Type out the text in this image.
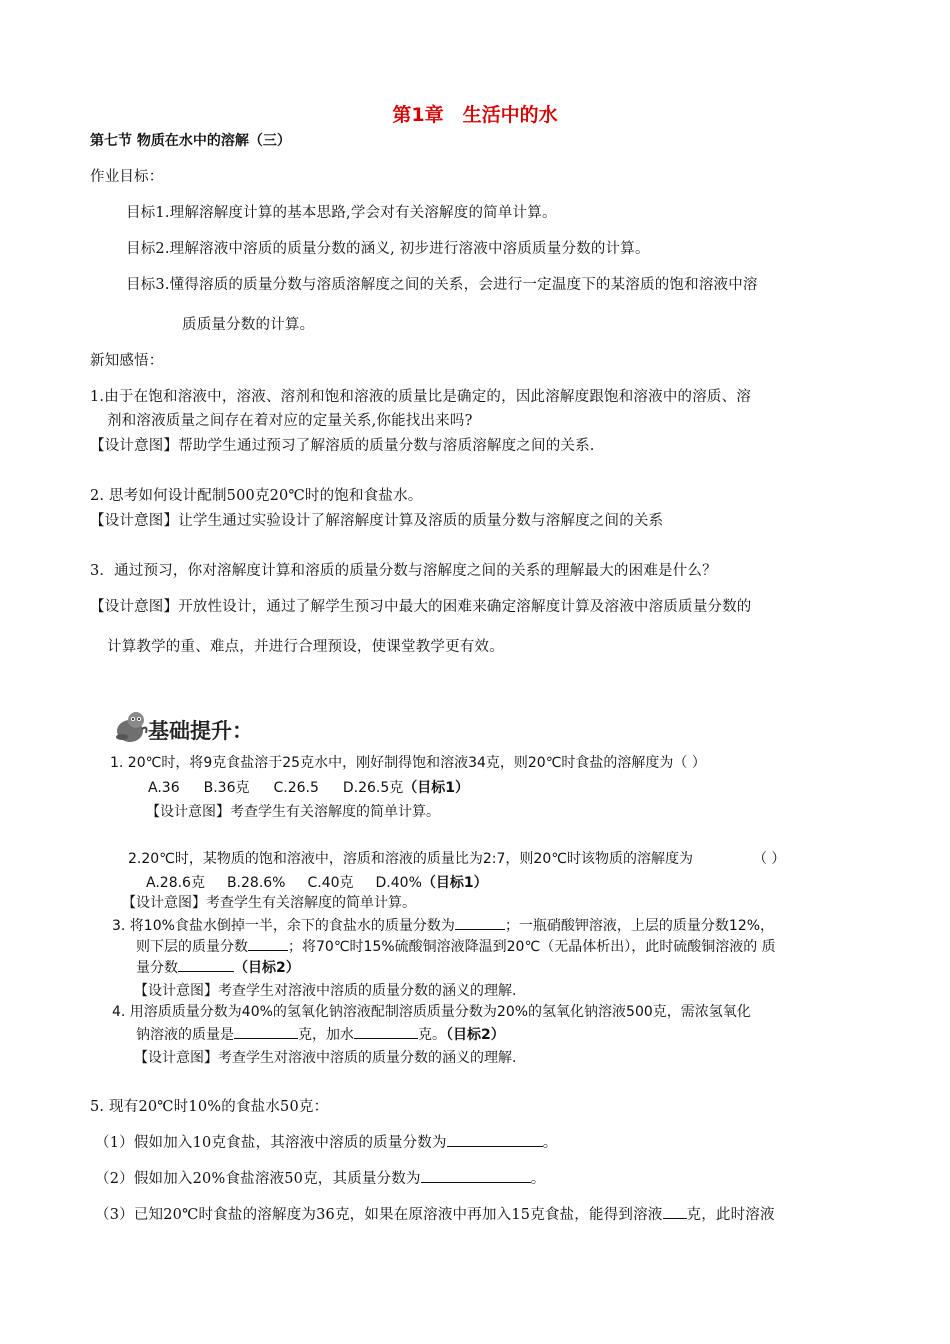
第1章　生活中的水
第七节 物质在水中的溶解（三）
作业目标：
目标1.理解溶解度计算的基本思路,学会对有关溶解度的简单计算。
目标2.理解溶液中溶质的质量分数的涵义, 初步进行溶液中溶质质量分数的计算。
目标3.懂得溶质的质量分数与溶质溶解度之间的关系，会进行一定温度下的某溶质的饱和溶液中溶
质质量分数的计算。
新知感悟：
1.由于在饱和溶液中，溶液、溶剂和饱和溶液的质量比是确定的，因此溶解度跟饱和溶液中的溶质、溶
剂和溶液质量之间存在着对应的定量关系,你能找出来吗?
【设计意图】帮助学生通过预习了解溶质的质量分数与溶质溶解度之间的关系.
2. 思考如何设计配制500克20℃时的饱和食盐水。
【设计意图】让学生通过实验设计了解溶解度计算及溶质的质量分数与溶解度之间的关系
3．通过预习，你对溶解度计算和溶质的质量分数与溶解度之间的关系的理解最大的困难是什么？
【设计意图】开放性设计，通过了解学生预习中最大的困难来确定溶解度计算及溶液中溶质质量分数的
计算教学的重、难点，并进行合理预设，使课堂教学更有效。
基础提升：
1. 20℃时，将9克食盐溶于25克水中，刚好制得饱和溶液34克，则20℃时食盐的溶解度为（ ）
A.36 B.36克 C.26.5 D.26.5克（目标1）
【设计意图】考查学生有关溶解度的简单计算。
2.20℃时，某物质的饱和溶液中，溶质和溶液的质量比为2:7，则20℃时该物质的溶解度为	（ ）
A.28.6克 B.28.6% C.40克 D.40%（目标1）
【设计意图】考查学生有关溶解度的简单计算。
3. 将10%食盐水倒掉一半，余下的食盐水的质量分数为	；一瓶硝酸钾溶液，上层的质量分数12%，
则下层的质量分数	；将70℃时15%硫酸铜溶液降温到20℃（无晶体析出），此时硫酸铜溶液的 质
量分数	（目标2）
【设计意图】考查学生对溶液中溶质的质量分数的涵义的理解.
4. 用溶质质量分数为40%的氢氧化钠溶液配制溶质质量分数为20%的氢氧化钠溶液500克，需浓氢氧化
钠溶液的质量是	克，加水	克。（目标2）
【设计意图】考查学生对溶液中溶质的质量分数的涵义的理解.
5. 现有20℃时10%的食盐水50克：
（1）假如加入10克食盐，其溶液中溶质的质量分数为	。
（2）假如加入20%食盐溶液50克，其质量分数为	。
（3）已知20℃时食盐的溶解度为36克，如果在原溶液中再加入15克食盐，能得到溶液 克，此时溶液
